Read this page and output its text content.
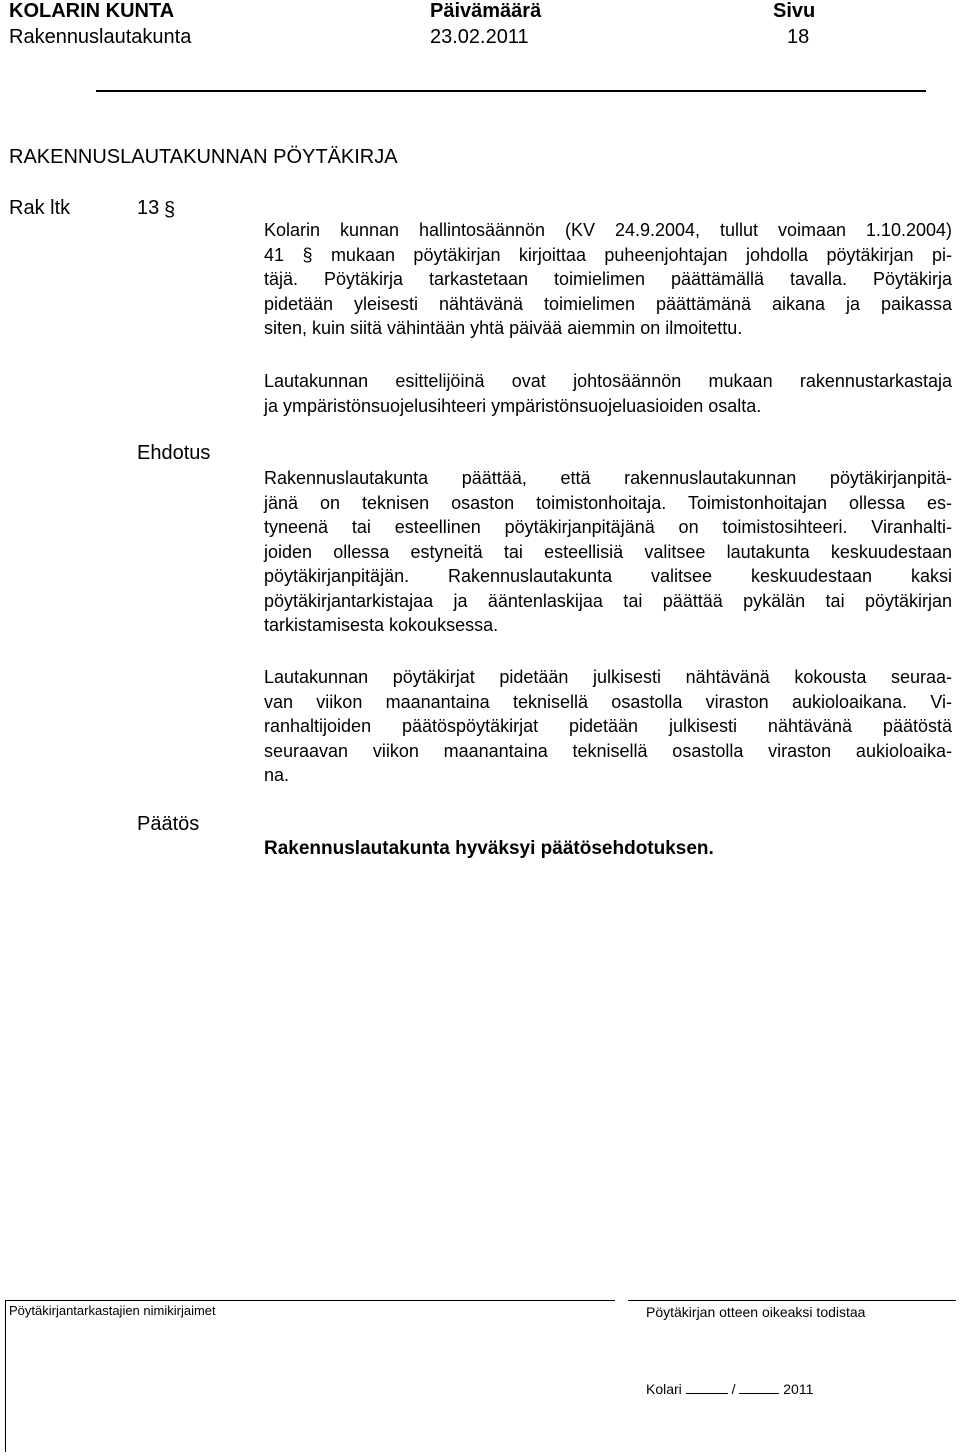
KOLARIN KUNTA
Rakennuslautakunta
Päivämäärä
23.02.2011
Sivu
18
RAKENNUSLAUTAKUNNAN PÖYTÄKIRJA
Rak ltk	13 §
Kolarin kunnan hallintosäännön (KV 24.9.2004, tullut voimaan 1.10.2004)
41 § mukaan pöytäkirjan kirjoittaa puheenjohtajan johdolla pöytäkirjan pi-
täjä. Pöytäkirja tarkastetaan toimielimen päättämällä tavalla. Pöytäkirja
pidetään yleisesti nähtävänä toimielimen päättämänä aikana ja paikassa
siten, kuin siitä vähintään yhtä päivää aiemmin on ilmoitettu.
Lautakunnan esittelijöinä ovat johtosäännön mukaan rakennustarkastaja
ja ympäristönsuojelusihteeri ympäristönsuojeluasioiden osalta.
Ehdotus
Rakennuslautakunta päättää, että rakennuslautakunnan pöytäkirjanpitä-
jänä on teknisen osaston toimistonhoitaja. Toimistonhoitajan ollessa es-
tyneenä tai esteellinen pöytäkirjanpitäjänä on toimistosihteeri. Viranhalti-
joiden ollessa estyneitä tai esteellisiä valitsee lautakunta keskuudestaan
pöytäkirjanpitäjän. Rakennuslautakunta valitsee keskuudestaan kaksi
pöytäkirjantarkistajaa ja ääntenlaskijaa tai päättää pykälän tai pöytäkirjan
tarkistamisesta kokouksessa.
Lautakunnan pöytäkirjat pidetään julkisesti nähtävänä kokousta seuraa-
van viikon maanantaina teknisellä osastolla viraston aukioloaikana. Vi-
ranhaltijoiden päätöspöytäkirjat pidetään julkisesti nähtävänä päätöstä
seuraavan viikon maanantaina teknisellä osastolla viraston aukioloaika-
na.
Päätös
Rakennuslautakunta hyväksyi päätösehdotuksen.
Pöytäkirjantarkastajien nimikirjaimet	Pöytäkirjan otteen oikeaksi todistaa
Kolari	/	2011
